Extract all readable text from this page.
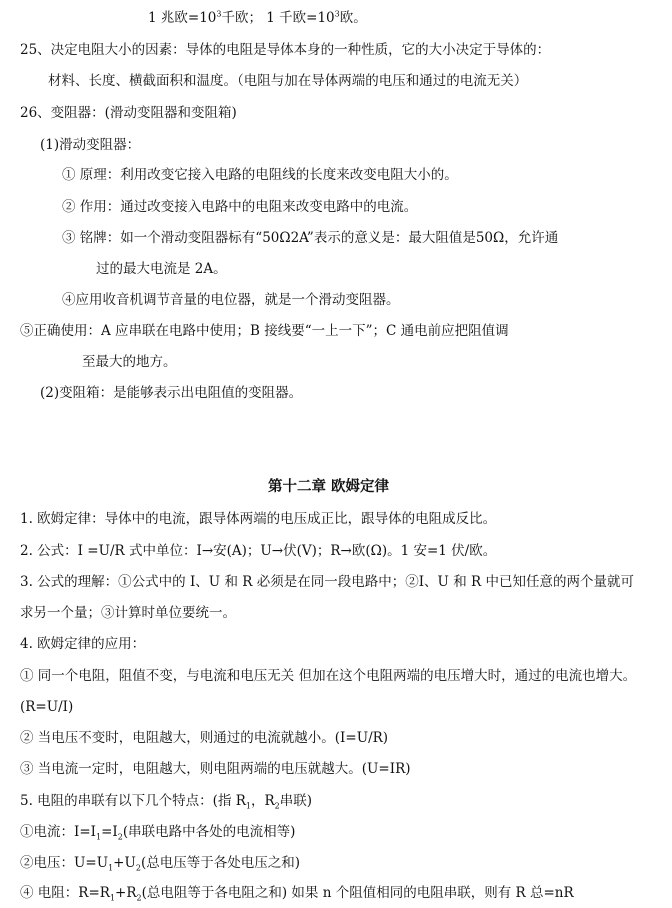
1 兆欧$=10^3$千欧； 1 千欧$=10^3$欧。
25、决定电阻大小的因素：导体的电阻是导体本身的一种性质，它的大小决定于导体的：
材料、长度、横截面积和温度。（电阻与加在导体两端的电压和通过的电流无关）
26、变阻器：(滑动变阻器和变阻箱)
(1)滑动变阻器：
① 原理：利用改变它接入电路的电阻线的长度来改变电阻大小的。
② 作用：通过改变接入电路中的电阻来改变电路中的电流。
③ 铭牌：如一个滑动变阻器标有“50Ω2A”表示的意义是：最大阻值是50Ω，允许通
过的最大电流是 2A。
④应用收音机调节音量的电位器，就是一个滑动变阻器。
⑤正确使用：A 应串联在电路中使用；B 接线要“一上一下”；C 通电前应把阻值调
至最大的地方。
(2)变阻箱：是能够表示出电阻值的变阻器。
第十二章 欧姆定律
1. 欧姆定律：导体中的电流，跟导体两端的电压成正比，跟导体的电阻成反比。
2. 公式：I =U/R 式中单位：I→安(A)；U→伏(V)；R→欧(Ω)。1 安=1 伏/欧。
3. 公式的理解：①公式中的 I、U 和 R 必须是在同一段电路中；②I、U 和 R 中已知任意的两个量就可
求另一个量；③计算时单位要统一。
4. 欧姆定律的应用：
① 同一个电阻，阻值不变，与电流和电压无关 但加在这个电阻两端的电压增大时，通过的电流也增大。
(R=U/I)
② 当电压不变时，电阻越大，则通过的电流就越小。(I=U/R)
③ 当电流一定时，电阻越大，则电阻两端的电压就越大。(U=IR)
5. 电阻的串联有以下几个特点：(指 $R_1$，$R_2$串联)
①电流：$I=I_1=I_2$(串联电路中各处的电流相等)
②电压：$U=U_1+U_2$(总电压等于各处电压之和)
④ 电阻：$R=R_1+R_2$(总电阻等于各电阻之和) 如果 n 个阻值相同的电阻串联，则有 R 总=nR
